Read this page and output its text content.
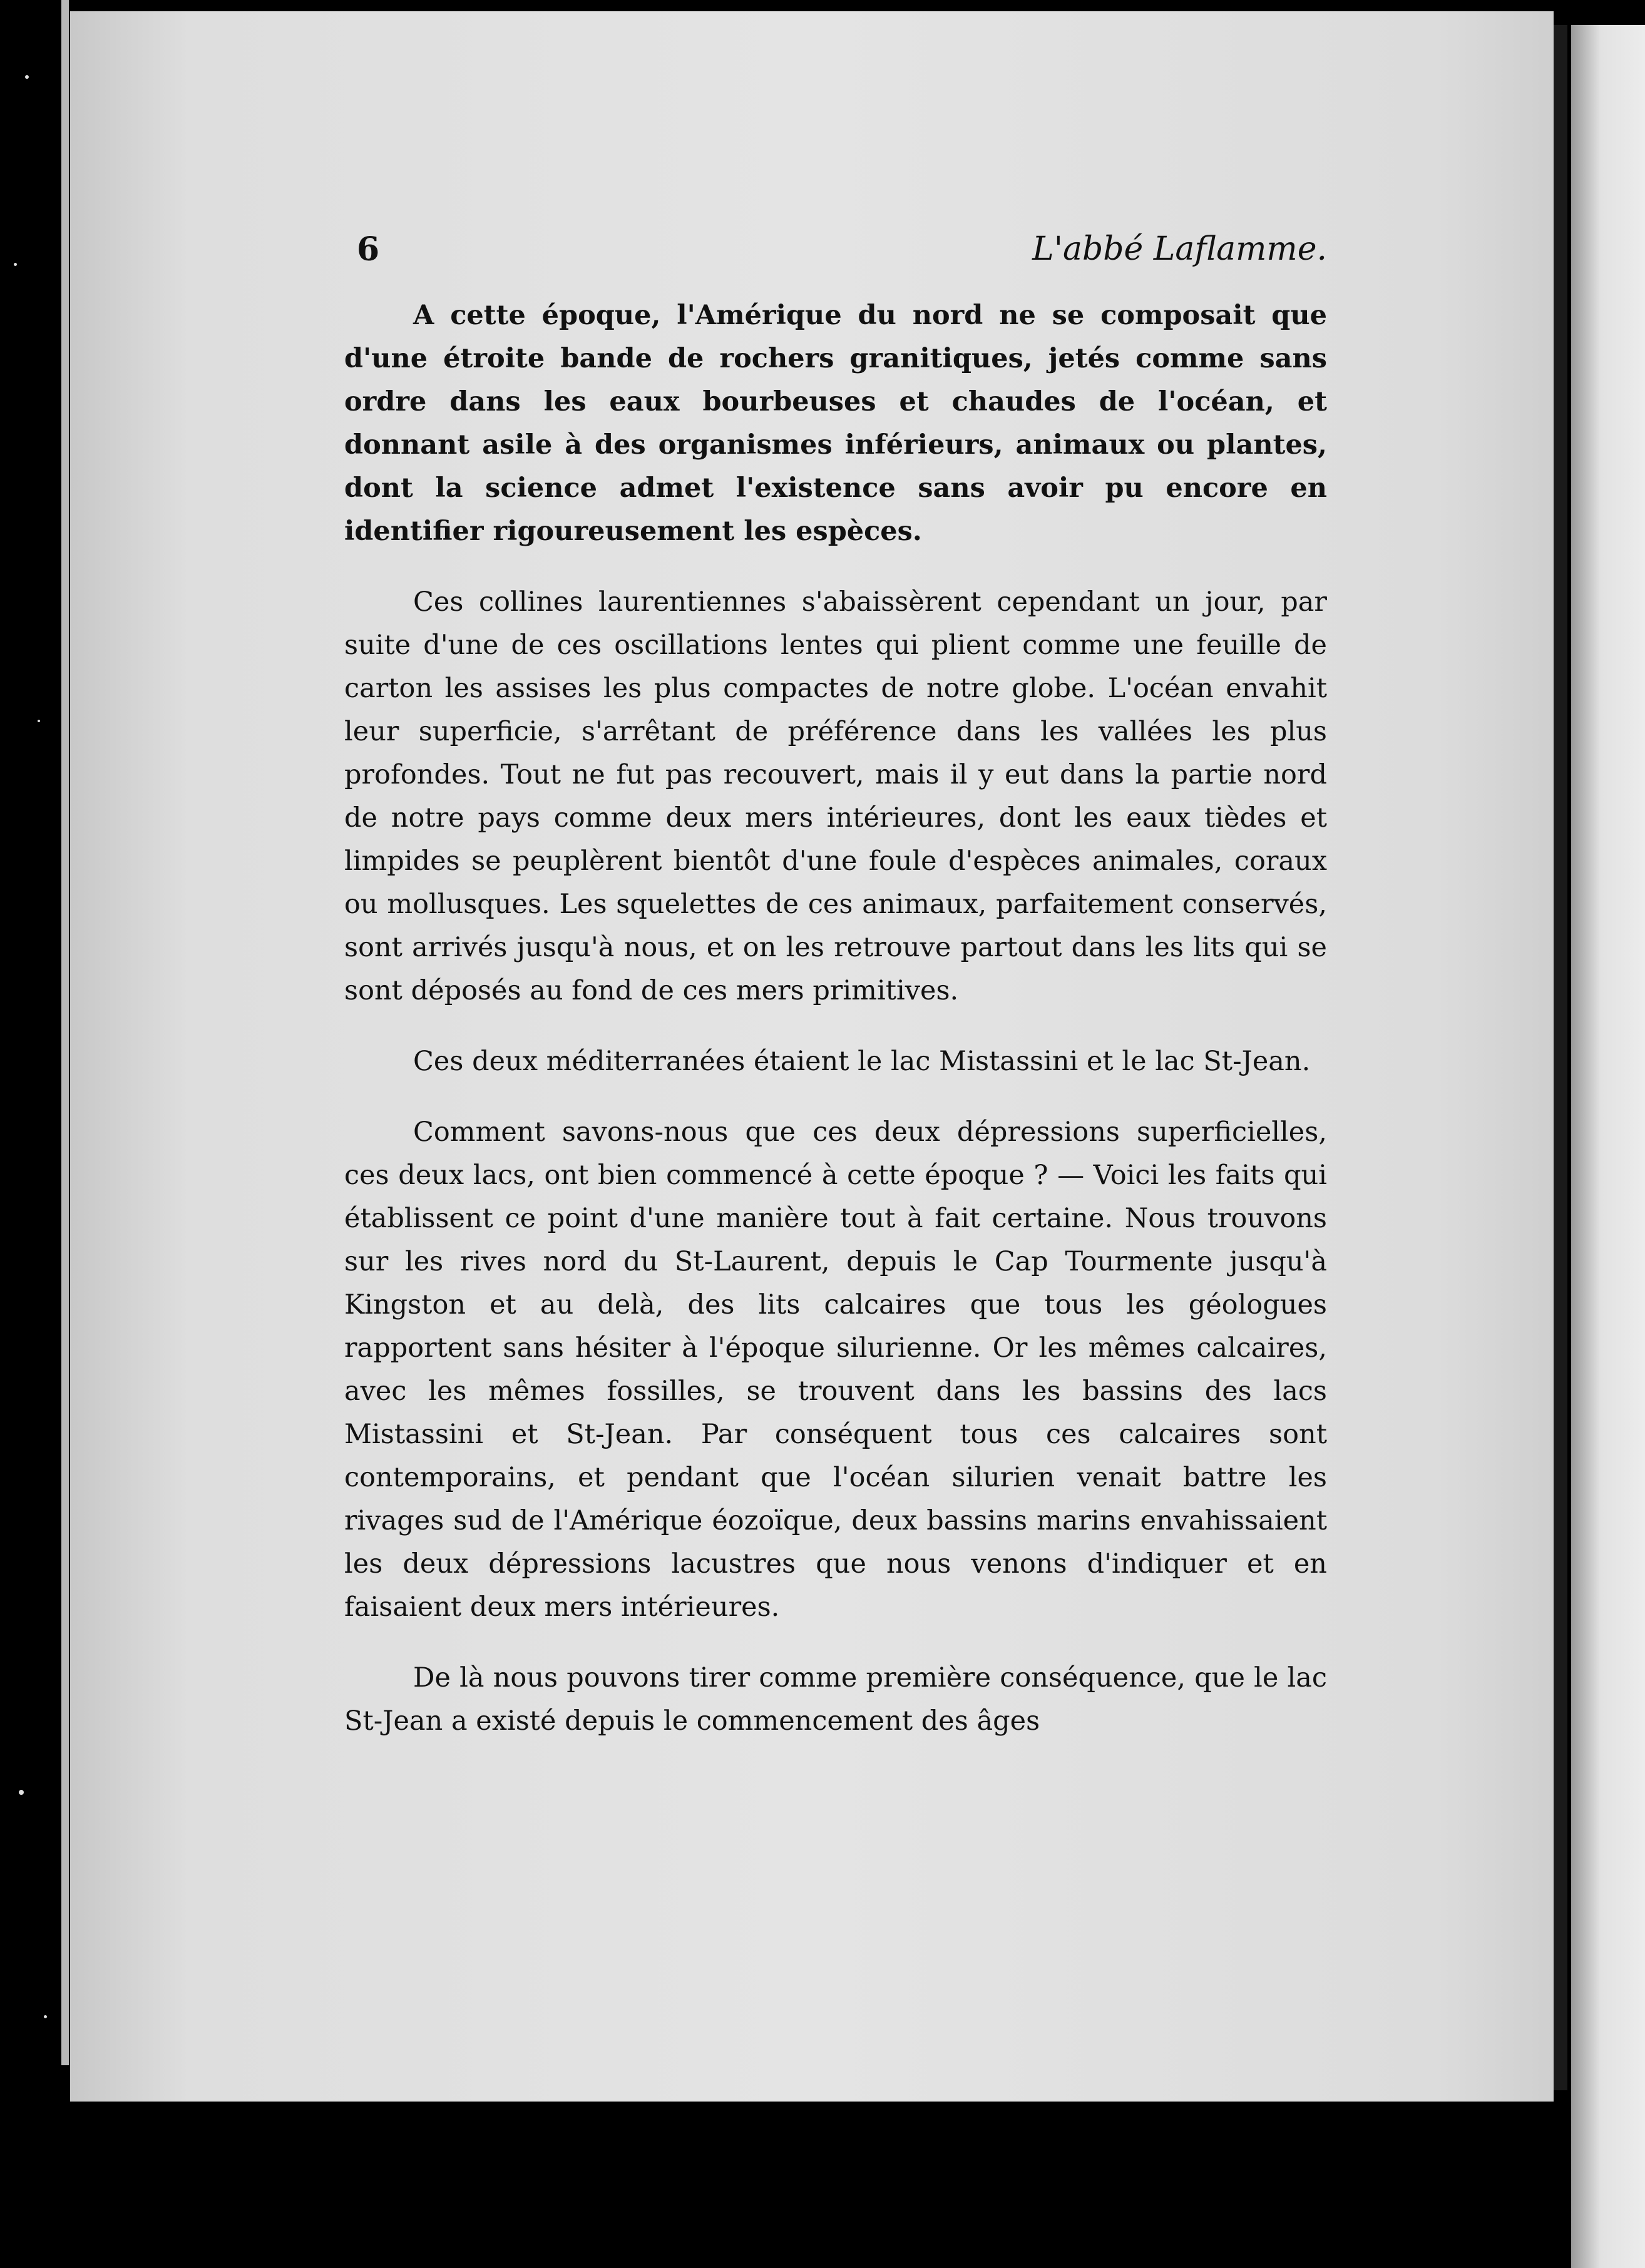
6	L'abbé Laflamme.

A cette époque, l'Amérique du nord ne se composait que d'une étroite bande de rochers granitiques, jetés comme sans ordre dans les eaux bourbeuses et chaudes de l'océan, et donnant asile à des organismes inférieurs, animaux ou plantes, dont la science admet l'existence sans avoir pu encore en identifier rigoureusement les espèces.

Ces collines laurentiennes s'abaissèrent cependant un jour, par suite d'une de ces oscillations lentes qui plient comme une feuille de carton les assises les plus compactes de notre globe. L'océan envahit leur superficie, s'arrêtant de préférence dans les vallées les plus profondes. Tout ne fut pas recouvert, mais il y eut dans la partie nord de notre pays comme deux mers intérieures, dont les eaux tièdes et limpides se peuplèrent bientôt d'une foule d'espèces animales, coraux ou mollusques. Les squelettes de ces animaux, parfaitement conservés, sont arrivés jusqu'à nous, et on les retrouve partout dans les lits qui se sont déposés au fond de ces mers primitives.

Ces deux méditerranées étaient le lac Mistassini et le lac St-Jean.

Comment savons-nous que ces deux dépressions superficielles, ces deux lacs, ont bien commencé à cette époque ? — Voici les faits qui établissent ce point d'une manière tout à fait certaine. Nous trouvons sur les rives nord du St-Laurent, depuis le Cap Tourmente jusqu'à Kingston et au delà, des lits calcaires que tous les géologues rapportent sans hésiter à l'époque silurienne. Or les mêmes calcaires, avec les mêmes fossilles, se trouvent dans les bassins des lacs Mistassini et St-Jean. Par conséquent tous ces calcaires sont contemporains, et pendant que l'océan silurien venait battre les rivages sud de l'Amérique éozoïque, deux bassins marins envahissaient les deux dépressions lacustres que nous venons d'indiquer et en faisaient deux mers intérieures.

De là nous pouvons tirer comme première conséquence, que le lac St-Jean a existé depuis le commencement des âges
